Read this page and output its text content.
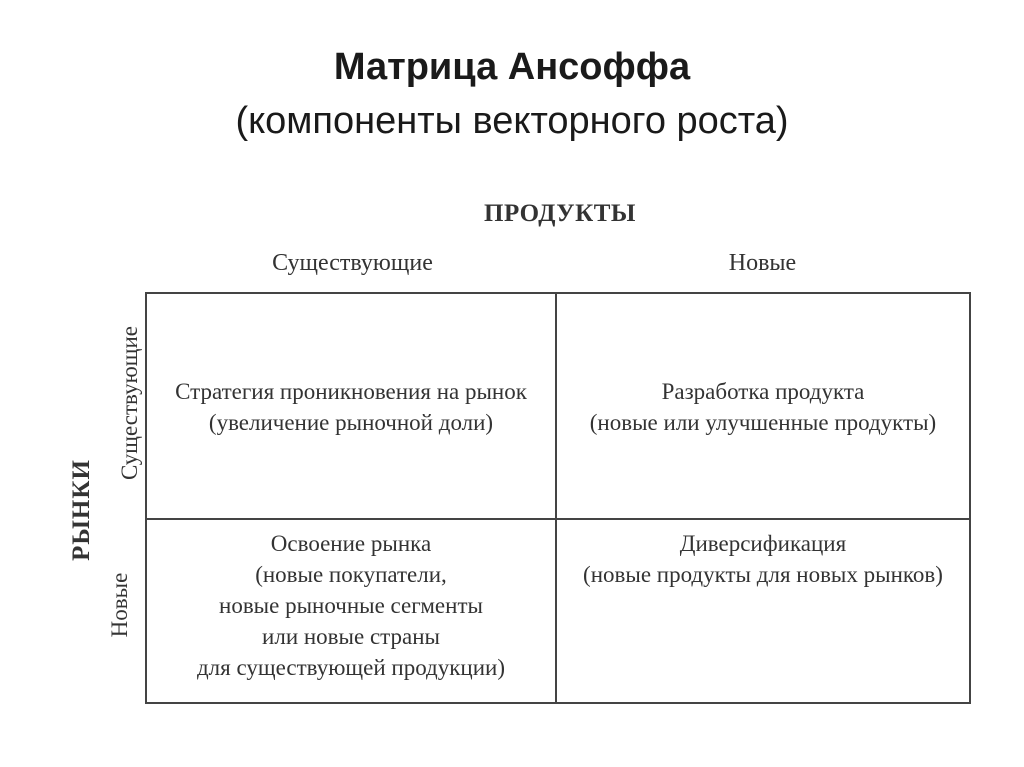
Матрица Ансоффа
(компоненты векторного роста)
ПРОДУКТЫ
Существующие	Новые
РЫНКИ
Существующие
Новые
Стратегия проникновения на рынок
(увеличение рыночной доли)
Разработка продукта
(новые или улучшенные продукты)
Освоение рынка
(новые покупатели,
новые рыночные сегменты
или новые страны
для существующей продукции)
Диверсификация
(новые продукты для новых рынков)
